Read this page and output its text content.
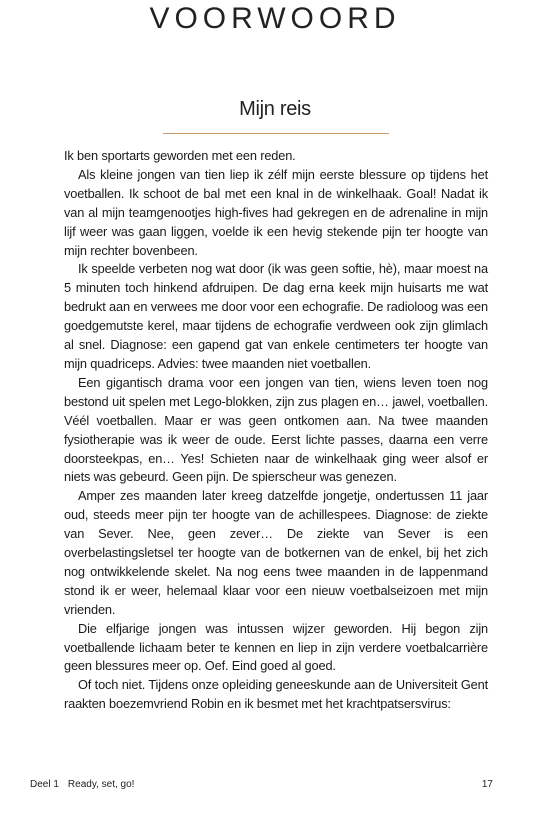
VOORWOORD
Mijn reis

Ik ben sportarts geworden met een reden.

Als kleine jongen van tien liep ik zélf mijn eerste blessure op tijdens het voetballen. Ik schoot de bal met een knal in de winkelhaak. Goal! Nadat ik van al mijn teamgenootjes high-fives had gekregen en de adrenaline in mijn lijf weer was gaan liggen, voelde ik een hevig stekende pijn ter hoogte van mijn rechter bovenbeen.

Ik speelde verbeten nog wat door (ik was geen softie, hè), maar moest na 5 minuten toch hinkend afdruipen. De dag erna keek mijn huisarts me wat bedrukt aan en verwees me door voor een echografie. De radioloog was een goedgemutste kerel, maar tijdens de echografie verdween ook zijn glimlach al snel. Diagnose: een gapend gat van enkele centimeters ter hoogte van mijn quadriceps. Advies: twee maanden niet voetballen.

Een gigantisch drama voor een jongen van tien, wiens leven toen nog bestond uit spelen met Lego-blokken, zijn zus plagen en… jawel, voetballen. Véél voetballen. Maar er was geen ontkomen aan. Na twee maanden fysiotherapie was ik weer de oude. Eerst lichte passes, daarna een verre doorsteekpas, en… Yes! Schieten naar de winkelhaak ging weer alsof er niets was gebeurd. Geen pijn. De spierscheur was genezen.

Amper zes maanden later kreeg datzelfde jongetje, ondertussen 11 jaar oud, steeds meer pijn ter hoogte van de achillespees. Diagnose: de ziekte van Sever. Nee, geen zever… De ziekte van Sever is een overbelastingsletsel ter hoogte van de botkernen van de enkel, bij het zich nog ontwikkelende skelet. Na nog eens twee maanden in de lappenmand stond ik er weer, helemaal klaar voor een nieuw voetbalseizoen met mijn vrienden.

Die elfjarige jongen was intussen wijzer geworden. Hij begon zijn voetballende lichaam beter te kennen en liep in zijn verdere voetbalcarrière geen blessures meer op. Oef. Eind goed al goed.

Of toch niet. Tijdens onze opleiding geneeskunde aan de Universiteit Gent raakten boezemvriend Robin en ik besmet met het krachtpatsersvirus:

Deel 1 Ready, set, go!	17
